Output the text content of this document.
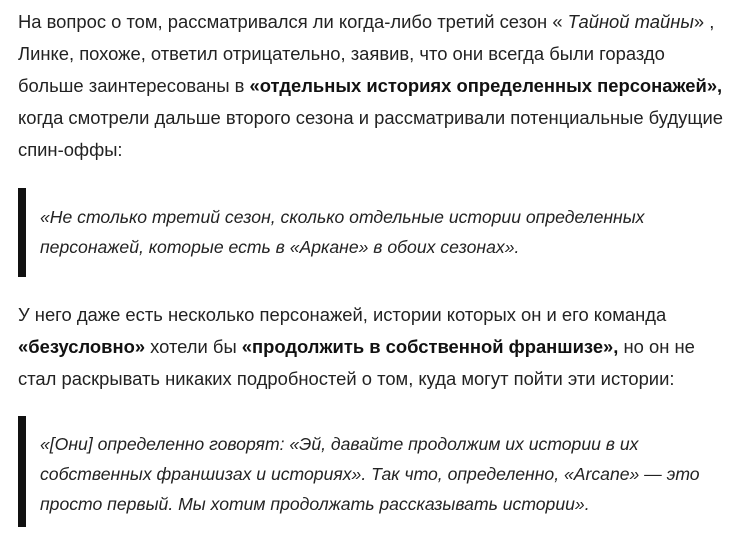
На вопрос о том, рассматривался ли когда-либо третий сезон « Тайной тайны» , Линке, похоже, ответил отрицательно, заявив, что они всегда были гораздо больше заинтересованы в «отдельных историях определенных персонажей», когда смотрели дальше второго сезона и рассматривали потенциальные будущие спин-оффы:

«Не столько третий сезон, сколько отдельные истории определенных персонажей, которые есть в «Аркане» в обоих сезонах».

У него даже есть несколько персонажей, истории которых он и его команда «безусловно» хотели бы «продолжить в собственной франшизе», но он не стал раскрывать никаких подробностей о том, куда могут пойти эти истории:

«[Они] определенно говорят: «Эй, давайте продолжим их истории в их собственных франшизах и историях». Так что, определенно, «Arcane» — это просто первый. Мы хотим продолжать рассказывать истории».
